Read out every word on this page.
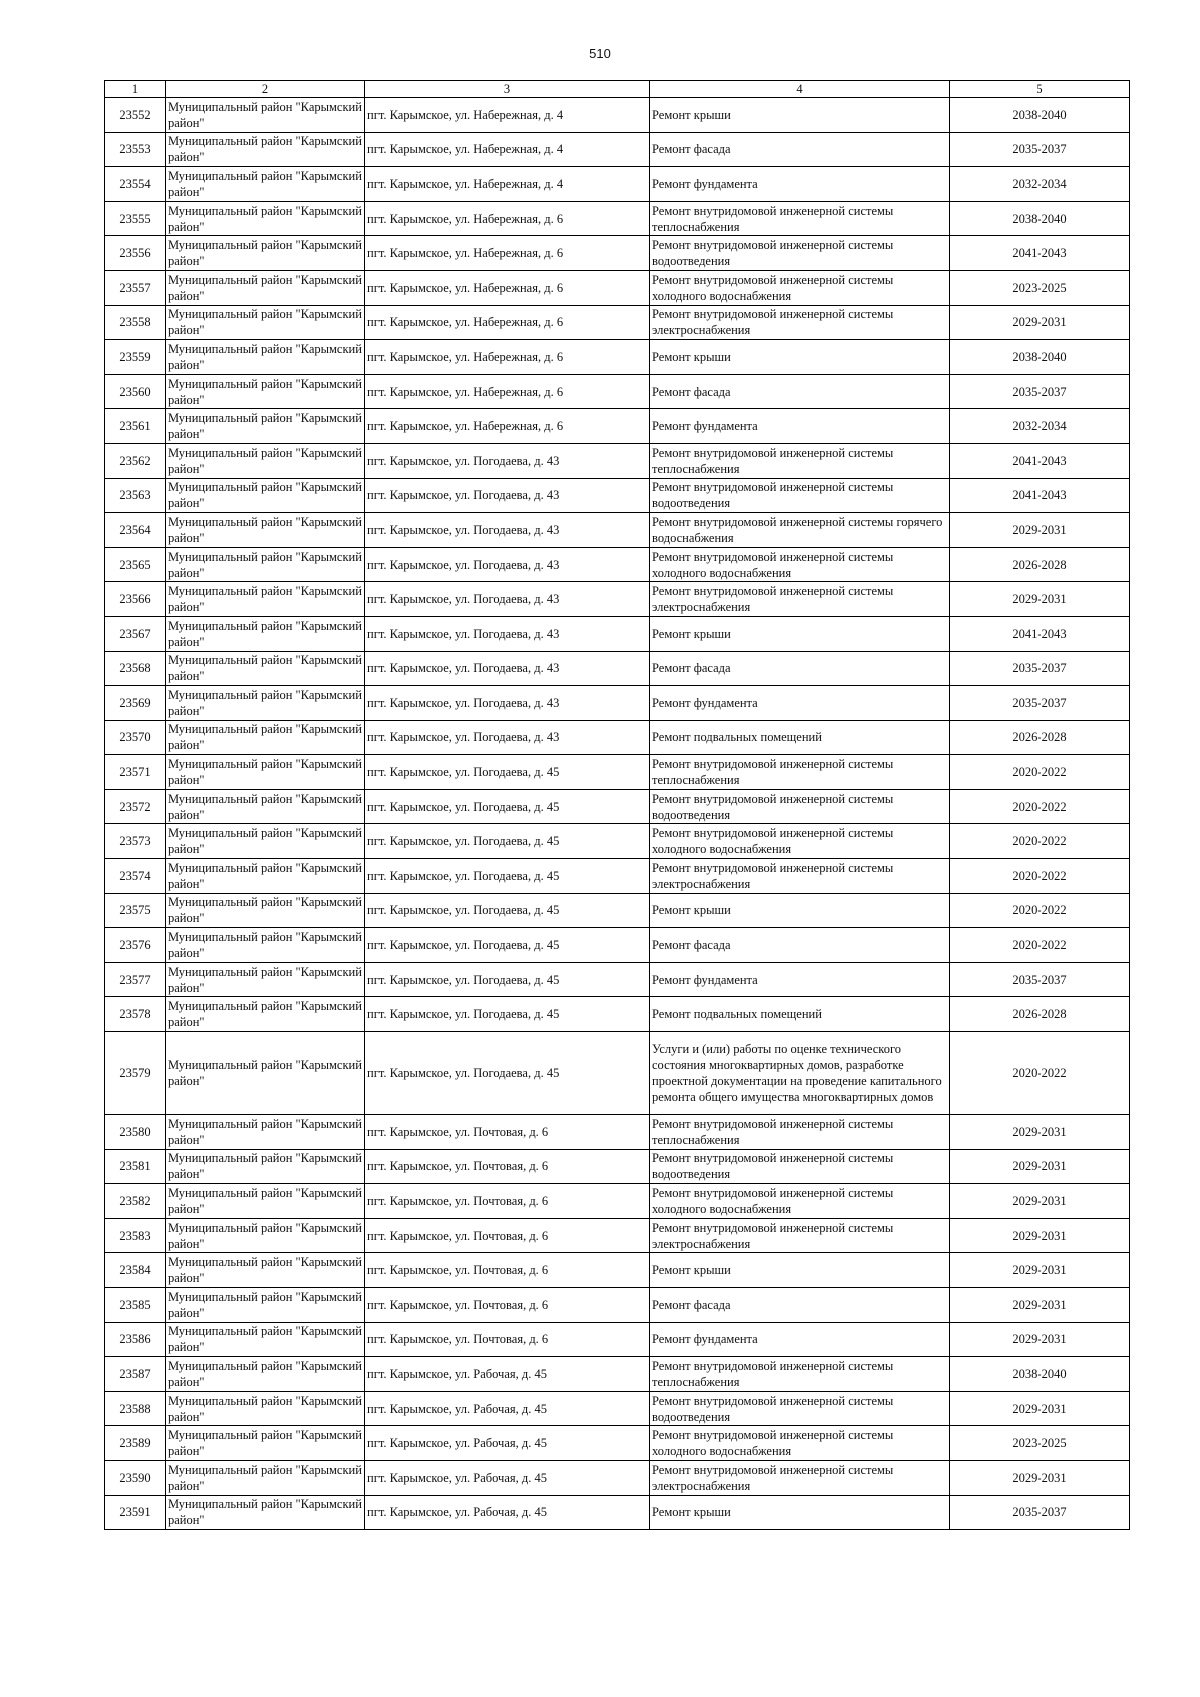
510
1	2	3	4	5
23552	Муниципальный район "Карымский район"	пгт. Карымское, ул. Набережная, д. 4	Ремонт крыши	2038-2040
23553	Муниципальный район "Карымский район"	пгт. Карымское, ул. Набережная, д. 4	Ремонт фасада	2035-2037
23554	Муниципальный район "Карымский район"	пгт. Карымское, ул. Набережная, д. 4	Ремонт фундамента	2032-2034
23555	Муниципальный район "Карымский район"	пгт. Карымское, ул. Набережная, д. 6	Ремонт внутридомовой инженерной системы теплоснабжения	2038-2040
23556	Муниципальный район "Карымский район"	пгт. Карымское, ул. Набережная, д. 6	Ремонт внутридомовой инженерной системы водоотведения	2041-2043
23557	Муниципальный район "Карымский район"	пгт. Карымское, ул. Набережная, д. 6	Ремонт внутридомовой инженерной системы холодного водоснабжения	2023-2025
23558	Муниципальный район "Карымский район"	пгт. Карымское, ул. Набережная, д. 6	Ремонт внутридомовой инженерной системы электроснабжения	2029-2031
23559	Муниципальный район "Карымский район"	пгт. Карымское, ул. Набережная, д. 6	Ремонт крыши	2038-2040
23560	Муниципальный район "Карымский район"	пгт. Карымское, ул. Набережная, д. 6	Ремонт фасада	2035-2037
23561	Муниципальный район "Карымский район"	пгт. Карымское, ул. Набережная, д. 6	Ремонт фундамента	2032-2034
23562	Муниципальный район "Карымский район"	пгт. Карымское, ул. Погодаева, д. 43	Ремонт внутридомовой инженерной системы теплоснабжения	2041-2043
23563	Муниципальный район "Карымский район"	пгт. Карымское, ул. Погодаева, д. 43	Ремонт внутридомовой инженерной системы водоотведения	2041-2043
23564	Муниципальный район "Карымский район"	пгт. Карымское, ул. Погодаева, д. 43	Ремонт внутридомовой инженерной системы горячего водоснабжения	2029-2031
23565	Муниципальный район "Карымский район"	пгт. Карымское, ул. Погодаева, д. 43	Ремонт внутридомовой инженерной системы холодного водоснабжения	2026-2028
23566	Муниципальный район "Карымский район"	пгт. Карымское, ул. Погодаева, д. 43	Ремонт внутридомовой инженерной системы электроснабжения	2029-2031
23567	Муниципальный район "Карымский район"	пгт. Карымское, ул. Погодаева, д. 43	Ремонт крыши	2041-2043
23568	Муниципальный район "Карымский район"	пгт. Карымское, ул. Погодаева, д. 43	Ремонт фасада	2035-2037
23569	Муниципальный район "Карымский район"	пгт. Карымское, ул. Погодаева, д. 43	Ремонт фундамента	2035-2037
23570	Муниципальный район "Карымский район"	пгт. Карымское, ул. Погодаева, д. 43	Ремонт подвальных помещений	2026-2028
23571	Муниципальный район "Карымский район"	пгт. Карымское, ул. Погодаева, д. 45	Ремонт внутридомовой инженерной системы теплоснабжения	2020-2022
23572	Муниципальный район "Карымский район"	пгт. Карымское, ул. Погодаева, д. 45	Ремонт внутридомовой инженерной системы водоотведения	2020-2022
23573	Муниципальный район "Карымский район"	пгт. Карымское, ул. Погодаева, д. 45	Ремонт внутридомовой инженерной системы холодного водоснабжения	2020-2022
23574	Муниципальный район "Карымский район"	пгт. Карымское, ул. Погодаева, д. 45	Ремонт внутридомовой инженерной системы электроснабжения	2020-2022
23575	Муниципальный район "Карымский район"	пгт. Карымское, ул. Погодаева, д. 45	Ремонт крыши	2020-2022
23576	Муниципальный район "Карымский район"	пгт. Карымское, ул. Погодаева, д. 45	Ремонт фасада	2020-2022
23577	Муниципальный район "Карымский район"	пгт. Карымское, ул. Погодаева, д. 45	Ремонт фундамента	2035-2037
23578	Муниципальный район "Карымский район"	пгт. Карымское, ул. Погодаева, д. 45	Ремонт подвальных помещений	2026-2028
23579	Муниципальный район "Карымский район"	пгт. Карымское, ул. Погодаева, д. 45	Услуги и (или) работы по оценке технического состояния многоквартирных домов, разработке проектной документации на проведение капитального ремонта общего имущества многоквартирных домов	2020-2022
23580	Муниципальный район "Карымский район"	пгт. Карымское, ул. Почтовая, д. 6	Ремонт внутридомовой инженерной системы теплоснабжения	2029-2031
23581	Муниципальный район "Карымский район"	пгт. Карымское, ул. Почтовая, д. 6	Ремонт внутридомовой инженерной системы водоотведения	2029-2031
23582	Муниципальный район "Карымский район"	пгт. Карымское, ул. Почтовая, д. 6	Ремонт внутридомовой инженерной системы холодного водоснабжения	2029-2031
23583	Муниципальный район "Карымский район"	пгт. Карымское, ул. Почтовая, д. 6	Ремонт внутридомовой инженерной системы электроснабжения	2029-2031
23584	Муниципальный район "Карымский район"	пгт. Карымское, ул. Почтовая, д. 6	Ремонт крыши	2029-2031
23585	Муниципальный район "Карымский район"	пгт. Карымское, ул. Почтовая, д. 6	Ремонт фасада	2029-2031
23586	Муниципальный район "Карымский район"	пгт. Карымское, ул. Почтовая, д. 6	Ремонт фундамента	2029-2031
23587	Муниципальный район "Карымский район"	пгт. Карымское, ул. Рабочая, д. 45	Ремонт внутридомовой инженерной системы теплоснабжения	2038-2040
23588	Муниципальный район "Карымский район"	пгт. Карымское, ул. Рабочая, д. 45	Ремонт внутридомовой инженерной системы водоотведения	2029-2031
23589	Муниципальный район "Карымский район"	пгт. Карымское, ул. Рабочая, д. 45	Ремонт внутридомовой инженерной системы холодного водоснабжения	2023-2025
23590	Муниципальный район "Карымский район"	пгт. Карымское, ул. Рабочая, д. 45	Ремонт внутридомовой инженерной системы электроснабжения	2029-2031
23591	Муниципальный район "Карымский район"	пгт. Карымское, ул. Рабочая, д. 45	Ремонт крыши	2035-2037
